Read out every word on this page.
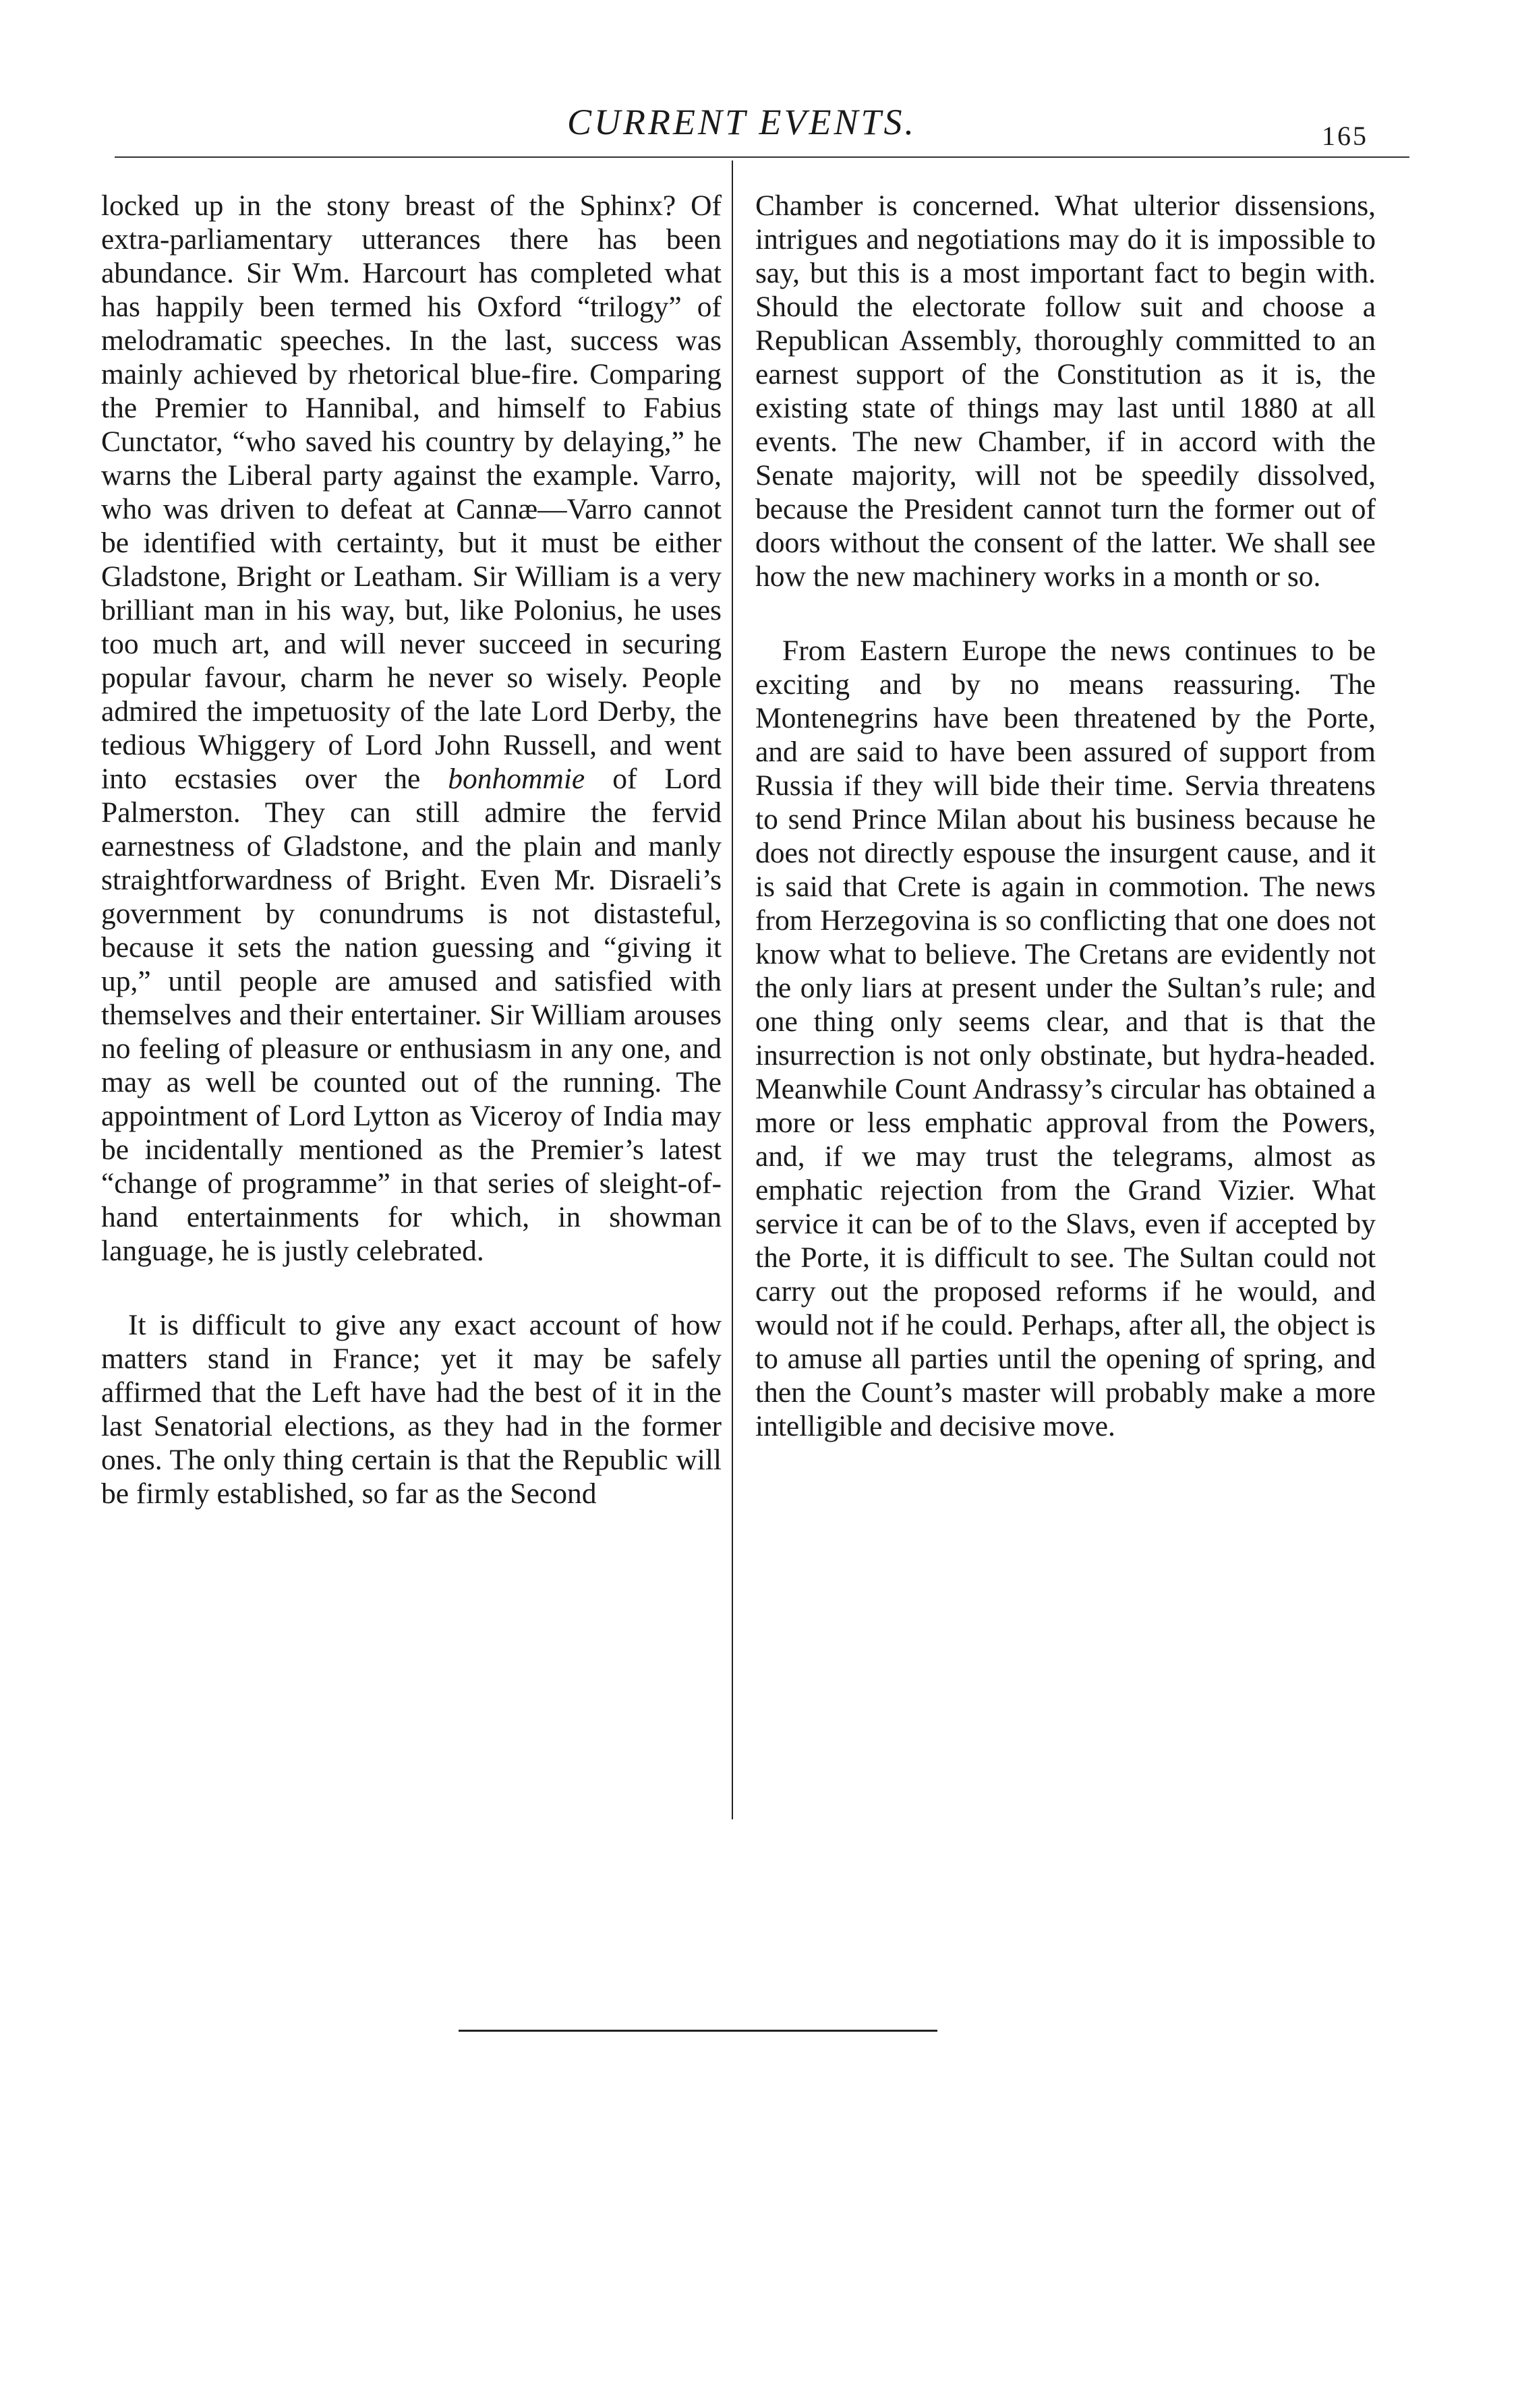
CURRENT EVENTS.	165

locked up in the stony breast of the Sphinx? Of extra-parliamentary utterances there has been abundance. Sir Wm. Harcourt has completed what has happily been termed his Oxford “trilogy” of melodramatic speeches. In the last, success was mainly achieved by rhetorical blue-fire. Comparing the Premier to Hannibal, and himself to Fabius Cunctator, “who saved his country by delaying,” he warns the Liberal party against the example. Varro, who was driven to defeat at Cannæ—Varro cannot be identified with certainty, but it must be either Gladstone, Bright or Leatham. Sir William is a very brilliant man in his way, but, like Polonius, he uses too much art, and will never succeed in securing popular favour, charm he never so wisely. People admired the impetuosity of the late Lord Derby, the tedious Whiggery of Lord John Russell, and went into ecstasies over the bonhommie of Lord Palmerston. They can still admire the fervid earnestness of Gladstone, and the plain and manly straightforwardness of Bright. Even Mr. Disraeli’s government by conundrums is not distasteful, because it sets the nation guessing and “giving it up,” until people are amused and satisfied with themselves and their entertainer. Sir William arouses no feeling of pleasure or enthusiasm in any one, and may as well be counted out of the running. The appointment of Lord Lytton as Viceroy of India may be incidentally mentioned as the Premier’s latest “change of programme” in that series of sleight-of-hand entertainments for which, in showman language, he is justly celebrated.

It is difficult to give any exact account of how matters stand in France; yet it may be safely affirmed that the Left have had the best of it in the last Senatorial elections, as they had in the former ones. The only thing certain is that the Republic will be firmly established, so far as the Second

Chamber is concerned. What ulterior dissensions, intrigues and negotiations may do it is impossible to say, but this is a most important fact to begin with. Should the electorate follow suit and choose a Republican Assembly, thoroughly committed to an earnest support of the Constitution as it is, the existing state of things may last until 1880 at all events. The new Chamber, if in accord with the Senate majority, will not be speedily dissolved, because the President cannot turn the former out of doors without the consent of the latter. We shall see how the new machinery works in a month or so.

From Eastern Europe the news continues to be exciting and by no means reassuring. The Montenegrins have been threatened by the Porte, and are said to have been assured of support from Russia if they will bide their time. Servia threatens to send Prince Milan about his business because he does not directly espouse the insurgent cause, and it is said that Crete is again in commotion. The news from Herzegovina is so conflicting that one does not know what to believe. The Cretans are evidently not the only liars at present under the Sultan’s rule; and one thing only seems clear, and that is that the insurrection is not only obstinate, but hydra-headed. Meanwhile Count Andrassy’s circular has obtained a more or less emphatic approval from the Powers, and, if we may trust the telegrams, almost as emphatic rejection from the Grand Vizier. What service it can be of to the Slavs, even if accepted by the Porte, it is difficult to see. The Sultan could not carry out the proposed reforms if he would, and would not if he could. Perhaps, after all, the object is to amuse all parties until the opening of spring, and then the Count’s master will probably make a more intelligible and decisive move.
